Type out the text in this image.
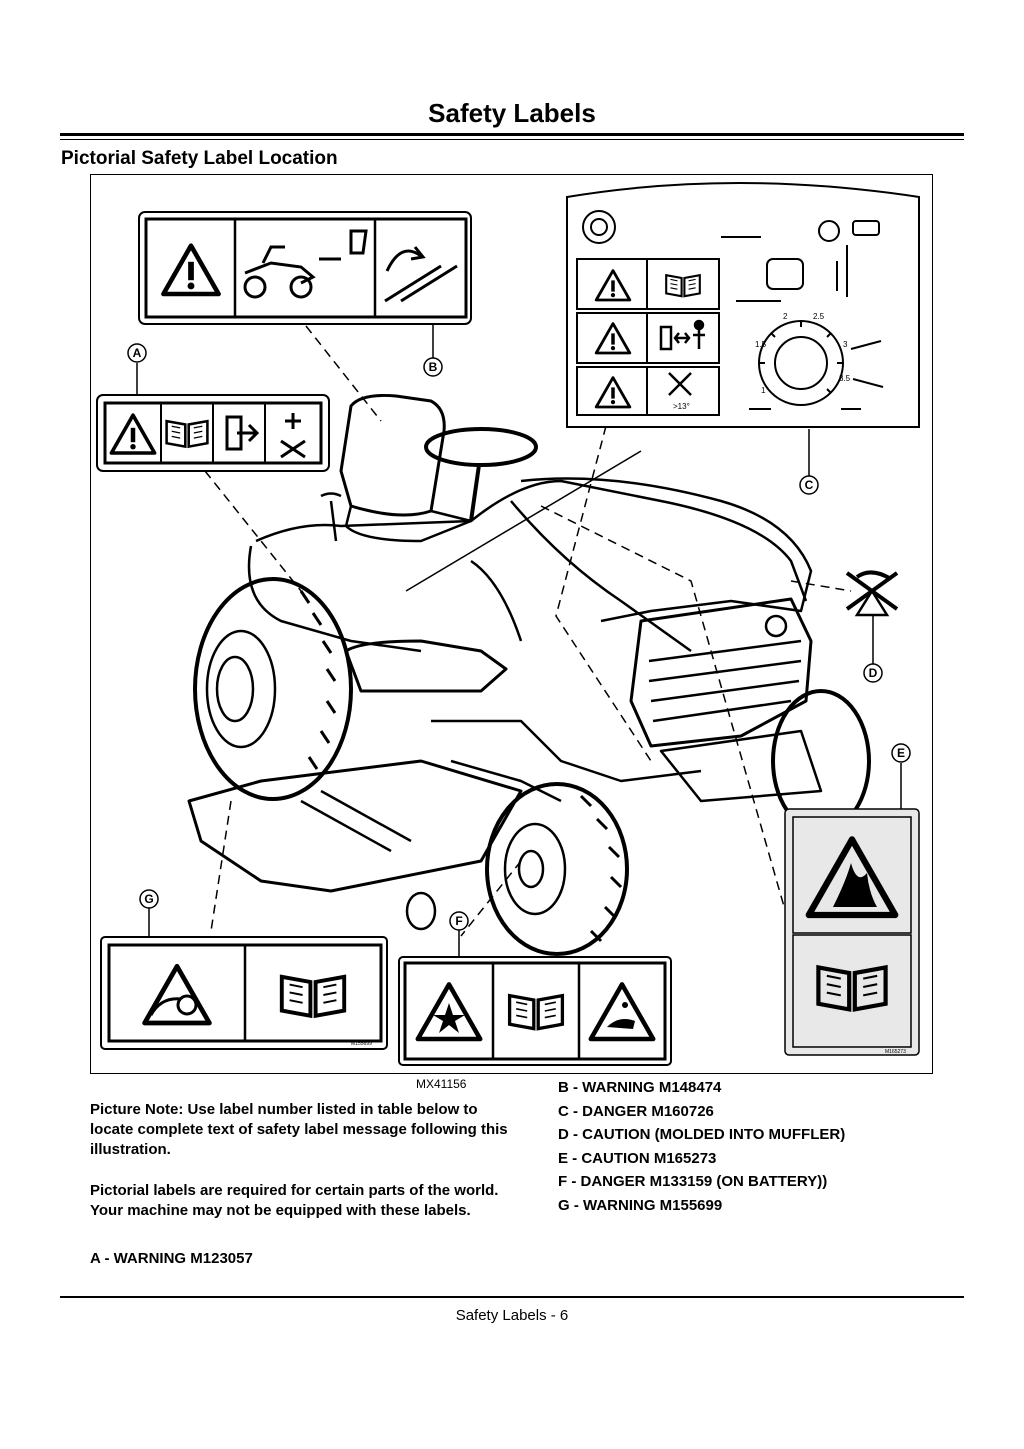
Safety Labels
Pictorial Safety Label Location
>13°
1.5
2	2.5
3.5
1
3
M165273
M155699
A
B
C
D
E
F
G
MX41156

Picture Note: Use label number listed in table below to locate complete text of safety label message following this illustration.

Pictorial labels are required for certain parts of the world. Your machine may not be equipped with these labels.

A - WARNING M123057
B - WARNING M148474
C - DANGER M160726
D - CAUTION (MOLDED INTO MUFFLER)
E - CAUTION M165273
F - DANGER M133159 (ON BATTERY))
G - WARNING M155699
Safety Labels - 6
